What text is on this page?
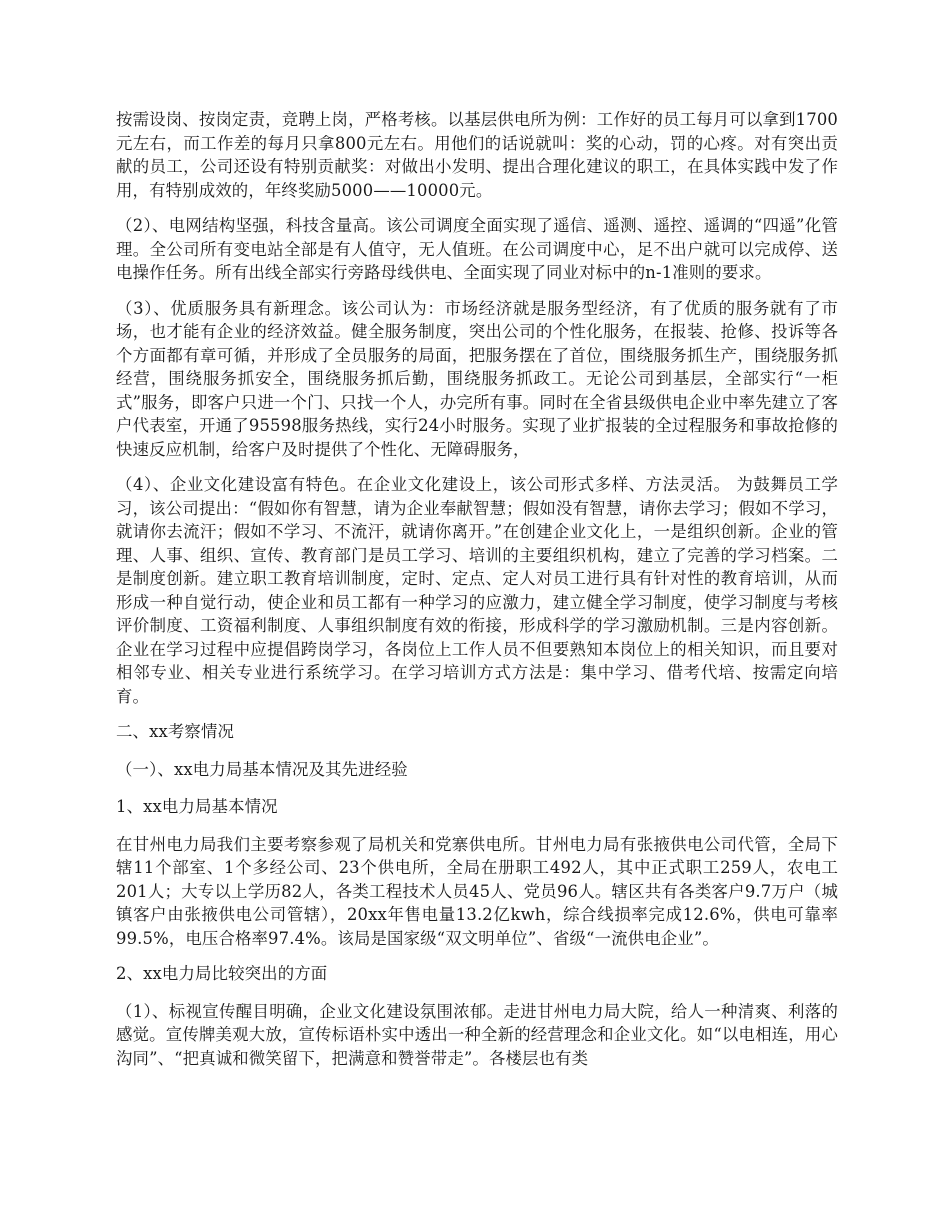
按需设岗、按岗定责，竞聘上岗，严格考核。以基层供电所为例：工作好的员工每月可以拿到1700元左右，而工作差的每月只拿800元左右。用他们的话说就叫：奖的心动，罚的心疼。对有突出贡献的员工，公司还设有特别贡献奖：对做出小发明、提出合理化建议的职工，在具体实践中发了作用，有特别成效的，年终奖励5000——10000元。

（2）、电网结构坚强，科技含量高。该公司调度全面实现了遥信、遥测、遥控、遥调的“四遥”化管理。全公司所有变电站全部是有人值守，无人值班。在公司调度中心，足不出户就可以完成停、送电操作任务。所有出线全部实行旁路母线供电、全面实现了同业对标中的n-1准则的要求。

（3）、优质服务具有新理念。该公司认为：市场经济就是服务型经济，有了优质的服务就有了市场，也才能有企业的经济效益。健全服务制度，突出公司的个性化服务，在报装、抢修、投诉等各个方面都有章可循，并形成了全员服务的局面，把服务摆在了首位，围绕服务抓生产，围绕服务抓经营，围绕服务抓安全，围绕服务抓后勤，围绕服务抓政工。无论公司到基层，全部实行“一柜式”服务，即客户只进一个门、只找一个人，办完所有事。同时在全省县级供电企业中率先建立了客户代表室，开通了95598服务热线，实行24小时服务。实现了业扩报装的全过程服务和事故抢修的快速反应机制，给客户及时提供了个性化、无障碍服务，

（4）、企业文化建设富有特色。在企业文化建设上，该公司形式多样、方法灵活。 为鼓舞员工学习，该公司提出：“假如你有智慧，请为企业奉献智慧；假如没有智慧，请你去学习；假如不学习，就请你去流汗；假如不学习、不流汗，就请你离开。”在创建企业文化上，一是组织创新。企业的管理、人事、组织、宣传、教育部门是员工学习、培训的主要组织机构，建立了完善的学习档案。二是制度创新。建立职工教育培训制度，定时、定点、定人对员工进行具有针对性的教育培训，从而形成一种自觉行动，使企业和员工都有一种学习的应激力，建立健全学习制度，使学习制度与考核评价制度、工资福利制度、人事组织制度有效的衔接，形成科学的学习激励机制。三是内容创新。企业在学习过程中应提倡跨岗学习，各岗位上工作人员不但要熟知本岗位上的相关知识，而且要对相邻专业、相关专业进行系统学习。在学习培训方式方法是：集中学习、借考代培、按需定向培育。

二、xx考察情况

（一）、xx电力局基本情况及其先进经验

1、xx电力局基本情况

在甘州电力局我们主要考察参观了局机关和党寨供电所。甘州电力局有张掖供电公司代管，全局下辖11个部室、1个多经公司、23个供电所，全局在册职工492人，其中正式职工259人，农电工201人；大专以上学历82人，各类工程技术人员45人、党员96人。辖区共有各类客户9.7万户（城镇客户由张掖供电公司管辖），20xx年售电量13.2亿kwh，综合线损率完成12.6%，供电可靠率99.5%，电压合格率97.4%。该局是国家级“双文明单位”、省级“一流供电企业”。

2、xx电力局比较突出的方面

（1）、标视宣传醒目明确，企业文化建设氛围浓郁。走进甘州电力局大院，给人一种清爽、利落的感觉。宣传牌美观大放，宣传标语朴实中透出一种全新的经营理念和企业文化。如“以电相连，用心沟同”、“把真诚和微笑留下，把满意和赞誉带走”。各楼层也有类
